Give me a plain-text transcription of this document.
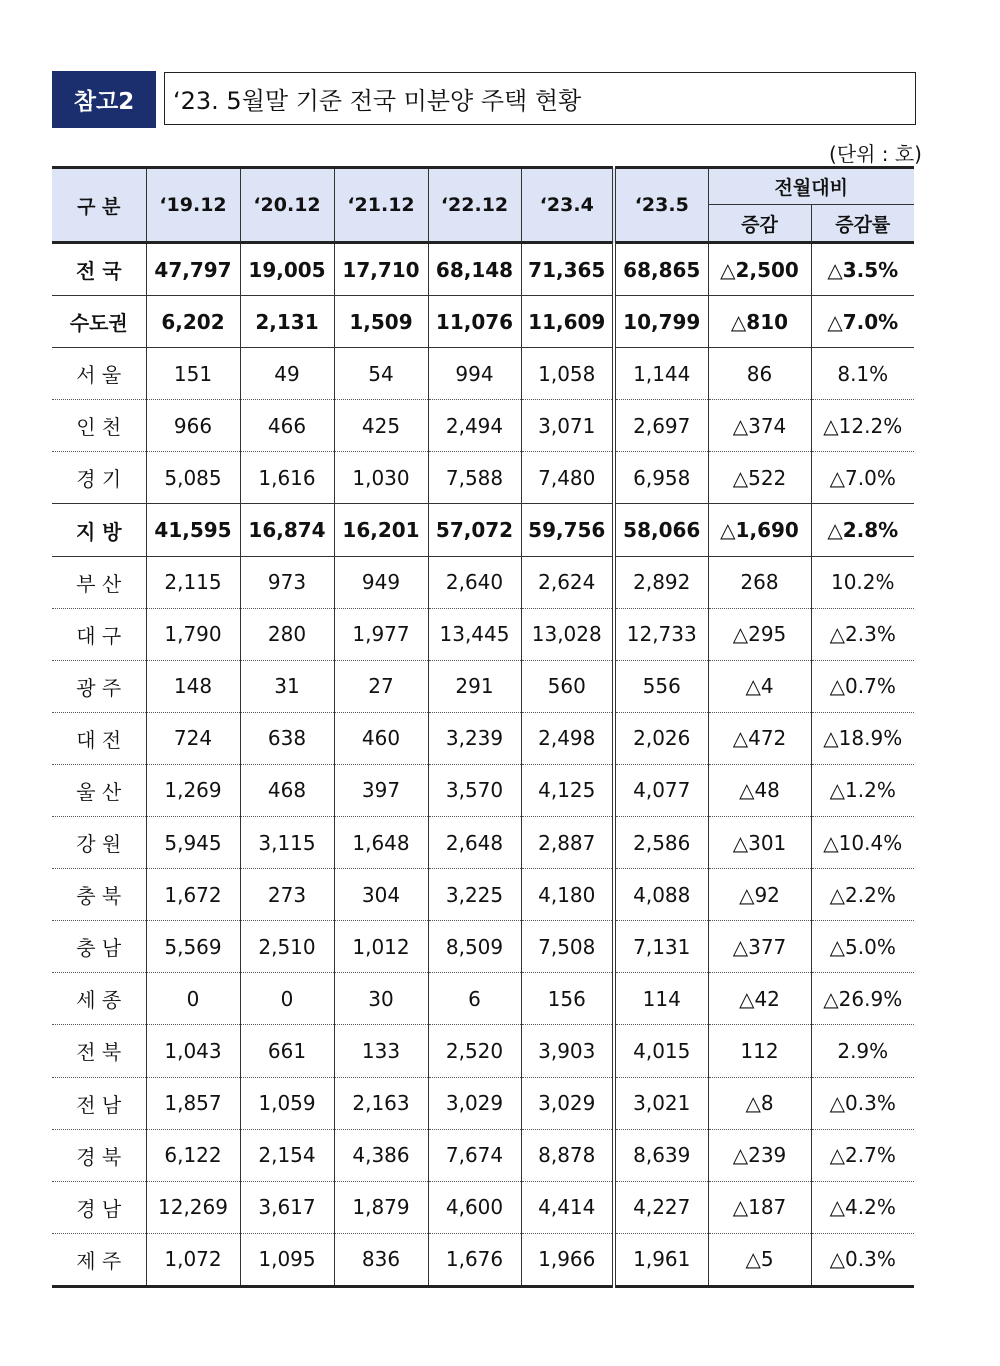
참고2	‘23. 5월말 기준 전국 미분양 주택 현황
(단위 : 호)
구 분	‘19.12	‘20.12	‘21.12	‘22.12	‘23.4	‘23.5	전월대비	
							증감	증감률
전 국	47,797	19,005	17,710	68,148	71,365	68,865	△2,500	△3.5%
수도권	6,202	2,131	1,509	11,076	11,609	10,799	△810	△7.0%
서 울	151	49	54	994	1,058	1,144	86	8.1%
인 천	966	466	425	2,494	3,071	2,697	△374	△12.2%
경 기	5,085	1,616	1,030	7,588	7,480	6,958	△522	△7.0%
지 방	41,595	16,874	16,201	57,072	59,756	58,066	△1,690	△2.8%
부 산	2,115	973	949	2,640	2,624	2,892	268	10.2%
대 구	1,790	280	1,977	13,445	13,028	12,733	△295	△2.3%
광 주	148	31	27	291	560	556	△4	△0.7%
대 전	724	638	460	3,239	2,498	2,026	△472	△18.9%
울 산	1,269	468	397	3,570	4,125	4,077	△48	△1.2%
강 원	5,945	3,115	1,648	2,648	2,887	2,586	△301	△10.4%
충 북	1,672	273	304	3,225	4,180	4,088	△92	△2.2%
충 남	5,569	2,510	1,012	8,509	7,508	7,131	△377	△5.0%
세 종	0	0	30	6	156	114	△42	△26.9%
전 북	1,043	661	133	2,520	3,903	4,015	112	2.9%
전 남	1,857	1,059	2,163	3,029	3,029	3,021	△8	△0.3%
경 북	6,122	2,154	4,386	7,674	8,878	8,639	△239	△2.7%
경 남	12,269	3,617	1,879	4,600	4,414	4,227	△187	△4.2%
제 주	1,072	1,095	836	1,676	1,966	1,961	△5	△0.3%
